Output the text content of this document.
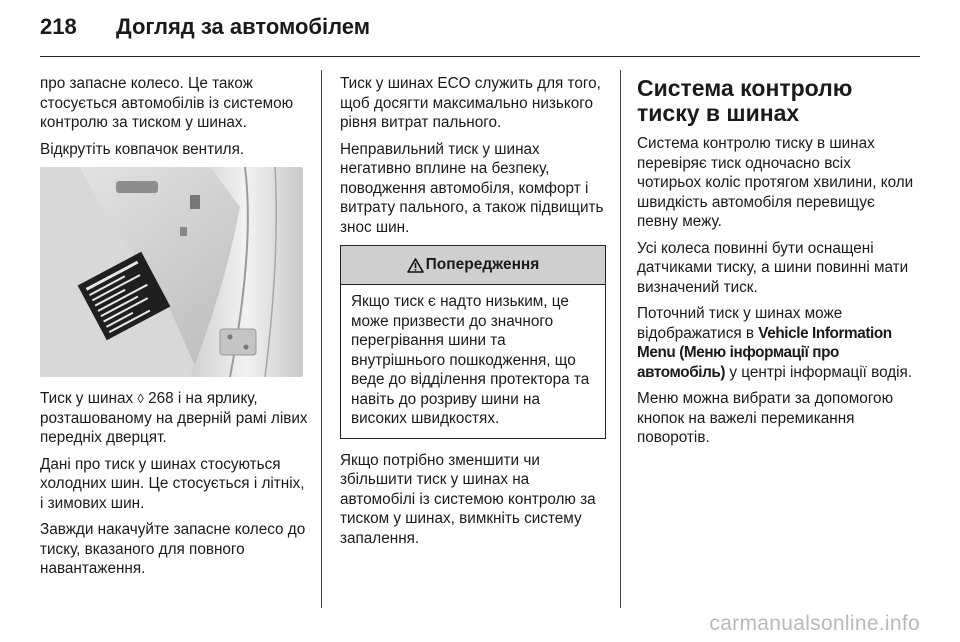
218	Догляд за автомобілем

про запасне колесо. Це також стосується автомобілів із системою контролю за тиском у шинах.

Відкрутіть ковпачок вентиля.

Тиск у шинах ◊ 268 і на ярлику, розташованому на дверній рамі лівих передніх дверцят.

Дані про тиск у шинах стосуються холодних шин. Це стосується і літніх, і зимових шин.

Завжди накачуйте запасне колесо до тиску, вказаного для повного навантаження.

Тиск у шинах ECO служить для того, щоб досягти максимально низького рівня витрат пального.

Неправильний тиск у шинах негативно вплине на безпеку, поводження автомобіля, комфорт і витрату пального, а також підвищить знос шин.

Попередження
Якщо тиск є надто низьким, це може призвести до значного перегрівання шини та внутрішнього пошкодження, що веде до відділення протектора та навіть до розриву шини на високих швидкостях.

Якщо потрібно зменшити чи збільшити тиск у шинах на автомобілі із системою контролю за тиском у шинах, вимкніть систему запалення.

Система контролю тиску в шинах

Система контролю тиску в шинах перевіряє тиск одночасно всіх чотирьох коліс протягом хвилини, коли швидкість автомобіля перевищує певну межу.

Усі колеса повинні бути оснащені датчиками тиску, а шини повинні мати визначений тиск.

Поточний тиск у шинах може відображатися в Vehicle Information Menu (Меню інформації про автомобіль) у центрі інформації водія.

Меню можна вибрати за допомогою кнопок на важелі перемикання поворотів.

carmanualsonline.info
